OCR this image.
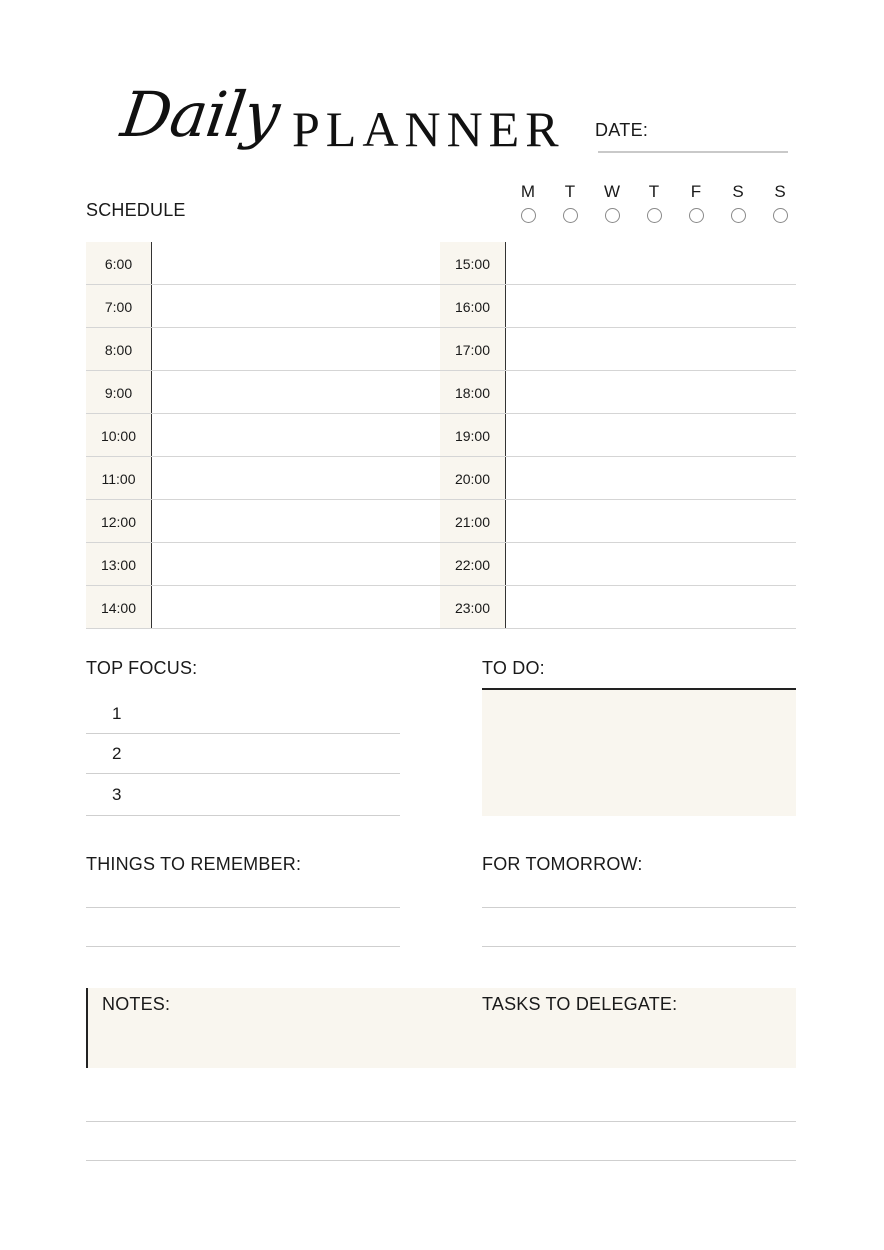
Daily PLANNER DATE:
SCHEDULE
M T W T F S S
6:00
7:00
8:00
9:00
10:00
11:00
12:00
13:00
14:00
15:00
16:00
17:00
18:00
19:00
20:00
21:00
22:00
23:00
TOP FOCUS:
1
2
3
TO DO:
THINGS TO REMEMBER:	FOR TOMORROW:
NOTES:	TASKS TO DELEGATE:
